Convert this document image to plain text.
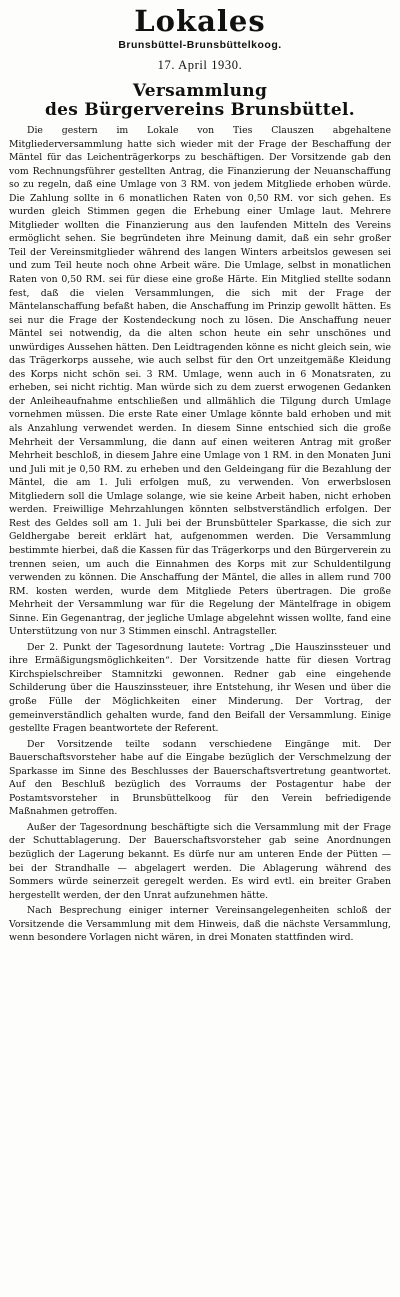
Lokales
Brunsbüttel-Brunsbüttelkoog.
17. April 1930.
Versammlung
des Bürgervereins Brunsbüttel.

Die gestern im Lokale von Ties Clauszen abgehaltene Mitgliederversammlung hatte sich wieder mit der Frage der Beschaffung der Mäntel für das Leichenträgerkorps zu beschäftigen. Der Vorsitzende gab den vom Rechnungsführer gestellten Antrag, die Finanzierung der Neuanschaffung so zu regeln, daß eine Umlage von 3 RM. von jedem Mitgliede erhoben würde. Die Zahlung sollte in 6 monatlichen Raten von 0,50 RM. vor sich gehen. Es wurden gleich Stimmen gegen die Erhebung einer Umlage laut. Mehrere Mitglieder wollten die Finanzierung aus den laufenden Mitteln des Vereins ermöglicht sehen. Sie begründeten ihre Meinung damit, daß ein sehr großer Teil der Vereinsmitglieder während des langen Winters arbeitslos gewesen sei und zum Teil heute noch ohne Arbeit wäre. Die Umlage, selbst in monatlichen Raten von 0,50 RM. sei für diese eine große Härte. Ein Mitglied stellte sodann fest, daß die vielen Versammlungen, die sich mit der Frage der Mäntelanschaffung befaßt haben, die Anschaffung im Prinzip gewollt hätten. Es sei nur die Frage der Kostendeckung noch zu lösen. Die Anschaffung neuer Mäntel sei notwendig, da die alten schon heute ein sehr unschönes und unwürdiges Aussehen hätten. Den Leidtragenden könne es nicht gleich sein, wie das Trägerkorps aussehe, wie auch selbst für den Ort unzeitgemäße Kleidung des Korps nicht schön sei. 3 RM. Umlage, wenn auch in 6 Monatsraten, zu erheben, sei nicht richtig. Man würde sich zu dem zuerst erwogenen Gedanken der Anleiheaufnahme entschließen und allmählich die Tilgung durch Umlage vornehmen müssen. Die erste Rate einer Umlage könnte bald erhoben und mit als Anzahlung verwendet werden. In diesem Sinne entschied sich die große Mehrheit der Versammlung, die dann auf einen weiteren Antrag mit großer Mehrheit beschloß, in diesem Jahre eine Umlage von 1 RM. in den Monaten Juni und Juli mit je 0,50 RM. zu erheben und den Geldeingang für die Bezahlung der Mäntel, die am 1. Juli erfolgen muß, zu verwenden. Von erwerbslosen Mitgliedern soll die Umlage solange, wie sie keine Arbeit haben, nicht erhoben werden. Freiwillige Mehrzahlungen könnten selbstverständlich erfolgen. Der Rest des Geldes soll am 1. Juli bei der Brunsbütteler Sparkasse, die sich zur Geldhergabe bereit erklärt hat, aufgenommen werden. Die Versammlung bestimmte hierbei, daß die Kassen für das Trägerkorps und den Bürgerverein zu trennen seien, um auch die Einnahmen des Korps mit zur Schuldentilgung verwenden zu können. Die Anschaffung der Mäntel, die alles in allem rund 700 RM. kosten werden, wurde dem Mitgliede Peters übertragen. Die große Mehrheit der Versammlung war für die Regelung der Mäntelfrage in obigem Sinne. Ein Gegenantrag, der jegliche Umlage abgelehnt wissen wollte, fand eine Unterstützung von nur 3 Stimmen einschl. Antragsteller.

Der 2. Punkt der Tagesordnung lautete: Vortrag „Die Hauszinssteuer und ihre Ermäßigungsmöglichkeiten“. Der Vorsitzende hatte für diesen Vortrag Kirchspielschreiber Stamnitzki gewonnen. Redner gab eine eingehende Schilderung über die Hauszinssteuer, ihre Entstehung, ihr Wesen und über die große Fülle der Möglichkeiten einer Minderung. Der Vortrag, der gemeinverständlich gehalten wurde, fand den Beifall der Versammlung. Einige gestellte Fragen beantwortete der Referent.

Der Vorsitzende teilte sodann verschiedene Eingänge mit. Der Bauerschaftsvorsteher habe auf die Eingabe bezüglich der Verschmelzung der Sparkasse im Sinne des Beschlusses der Bauerschaftsvertretung geantwortet. Auf den Beschluß bezüglich des Vorraums der Postagentur habe der Postamtsvorsteher in Brunsbüttelkoog für den Verein befriedigende Maßnahmen getroffen.

Außer der Tagesordnung beschäftigte sich die Versammlung mit der Frage der Schuttablagerung. Der Bauerschaftsvorsteher gab seine Anordnungen bezüglich der Lagerung bekannt. Es dürfe nur am unteren Ende der Pütten — bei der Strandhalle — abgelagert werden. Die Ablagerung während des Sommers würde seinerzeit geregelt werden. Es wird evtl. ein breiter Graben hergestellt werden, der den Unrat aufzunehmen hätte.

Nach Besprechung einiger interner Vereinsangelegenheiten schloß der Vorsitzende die Versammlung mit dem Hinweis, daß die nächste Versammlung, wenn besondere Vorlagen nicht wären, in drei Monaten stattfinden wird.
